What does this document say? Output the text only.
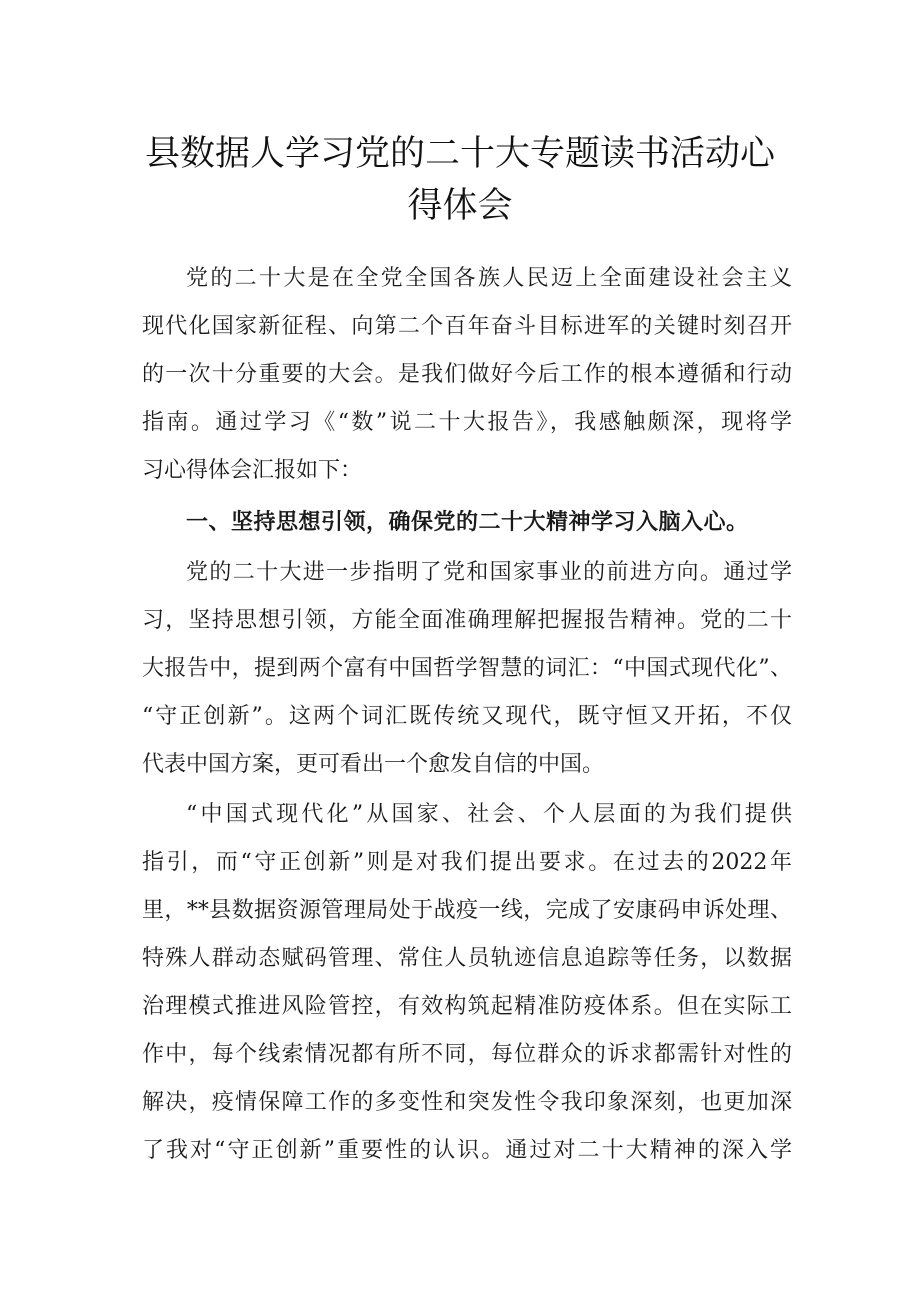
县数据人学习党的二十大专题读书活动心
得体会
党的二十大是在全党全国各族人民迈上全面建设社会主义
现代化国家新征程、向第二个百年奋斗目标进军的关键时刻召开
的一次十分重要的大会。是我们做好今后工作的根本遵循和行动
指南。通过学习《“数”说二十大报告》，我感触颇深，现将学
习心得体会汇报如下：
一、坚持思想引领，确保党的二十大精神学习入脑入心。
党的二十大进一步指明了党和国家事业的前进方向。通过学
习，坚持思想引领，方能全面准确理解把握报告精神。党的二十
大报告中，提到两个富有中国哲学智慧的词汇：“中国式现代化”、
“守正创新”。这两个词汇既传统又现代，既守恒又开拓，不仅
代表中国方案，更可看出一个愈发自信的中国。
“中国式现代化”从国家、社会、个人层面的为我们提供
指引，而“守正创新”则是对我们提出要求。在过去的2022年
里，**县数据资源管理局处于战疫一线，完成了安康码申诉处理、
特殊人群动态赋码管理、常住人员轨迹信息追踪等任务，以数据
治理模式推进风险管控，有效构筑起精准防疫体系。但在实际工
作中，每个线索情况都有所不同，每位群众的诉求都需针对性的
解决，疫情保障工作的多变性和突发性令我印象深刻，也更加深
了我对“守正创新”重要性的认识。通过对二十大精神的深入学
